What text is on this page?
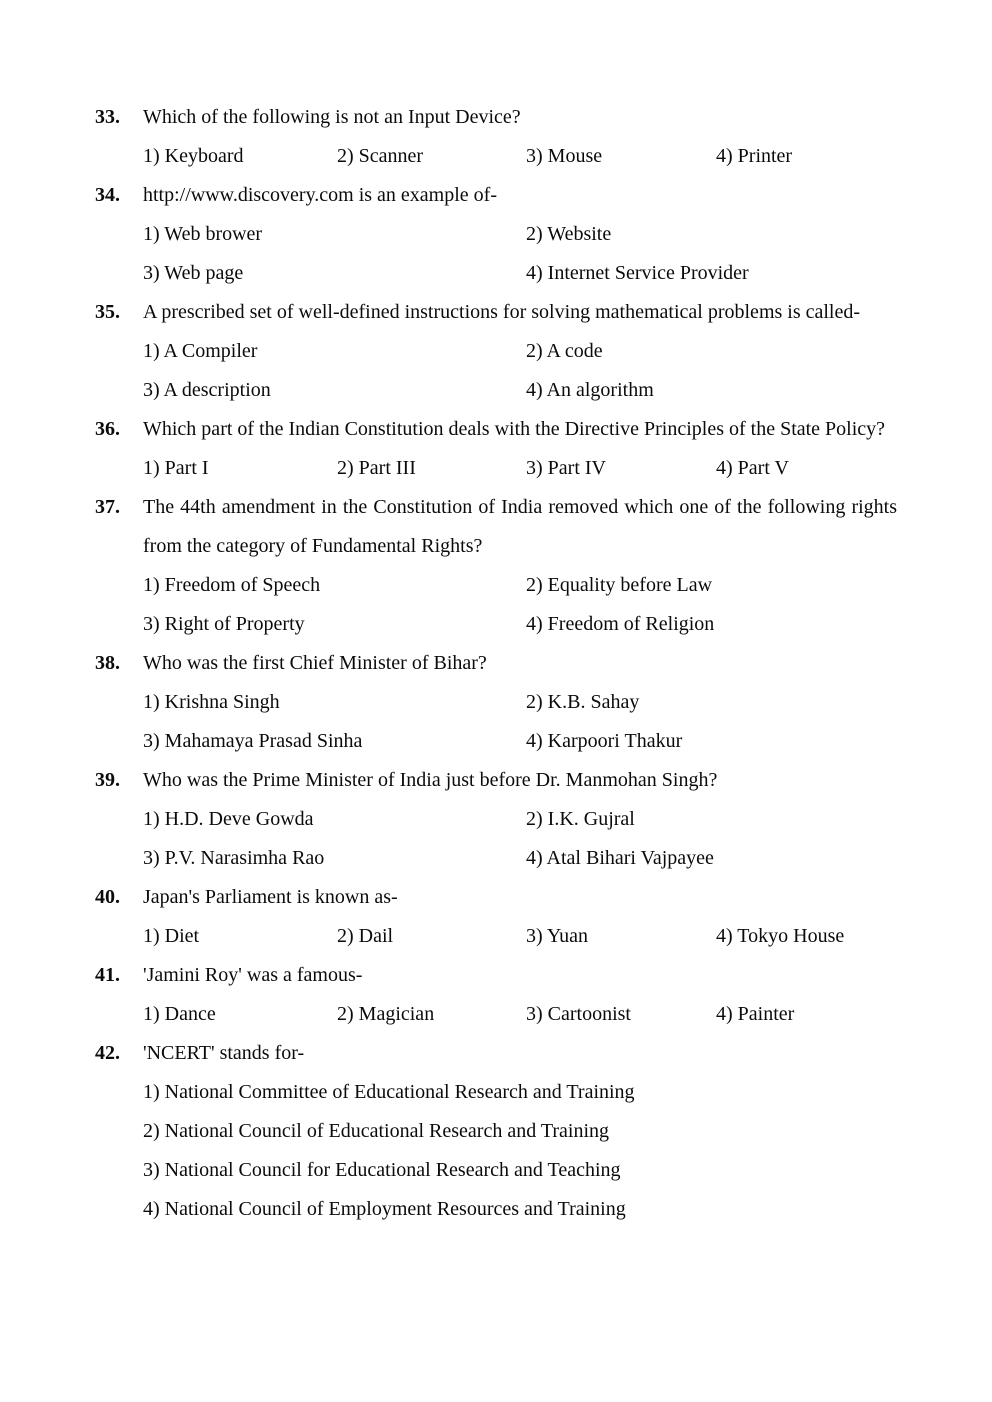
33.	Which of the following is not an Input Device?
1) Keyboard	2) Scanner	3) Mouse	4) Printer
34.	http://www.discovery.com is an example of-
1) Web brower	2) Website
3) Web page	4) Internet Service Provider
35.	A prescribed set of well-defined instructions for solving mathematical problems is called-
1) A Compiler	2) A code
3) A description	4) An algorithm
36.	Which part of the Indian Constitution deals with the Directive Principles of the State Policy?
1) Part I	2) Part III	3) Part IV	4) Part V
37.	The 44th amendment in the Constitution of India removed which one of the following rights from the category of Fundamental Rights?
1) Freedom of Speech	2) Equality before Law
3) Right of Property	4) Freedom of Religion
38.	Who was the first Chief Minister of Bihar?
1) Krishna Singh	2) K.B. Sahay
3) Mahamaya Prasad Sinha	4) Karpoori Thakur
39.	Who was the Prime Minister of India just before Dr. Manmohan Singh?
1) H.D. Deve Gowda	2) I.K. Gujral
3) P.V. Narasimha Rao	4) Atal Bihari Vajpayee
40.	Japan's Parliament is known as-
1) Diet	2) Dail	3) Yuan	4) Tokyo House
41.	'Jamini Roy' was a famous-
1) Dance	2) Magician	3) Cartoonist	4) Painter
42.	'NCERT' stands for-
1) National Committee of Educational Research and Training
2) National Council of Educational Research and Training
3) National Council for Educational Research and Teaching
4) National Council of Employment Resources and Training
